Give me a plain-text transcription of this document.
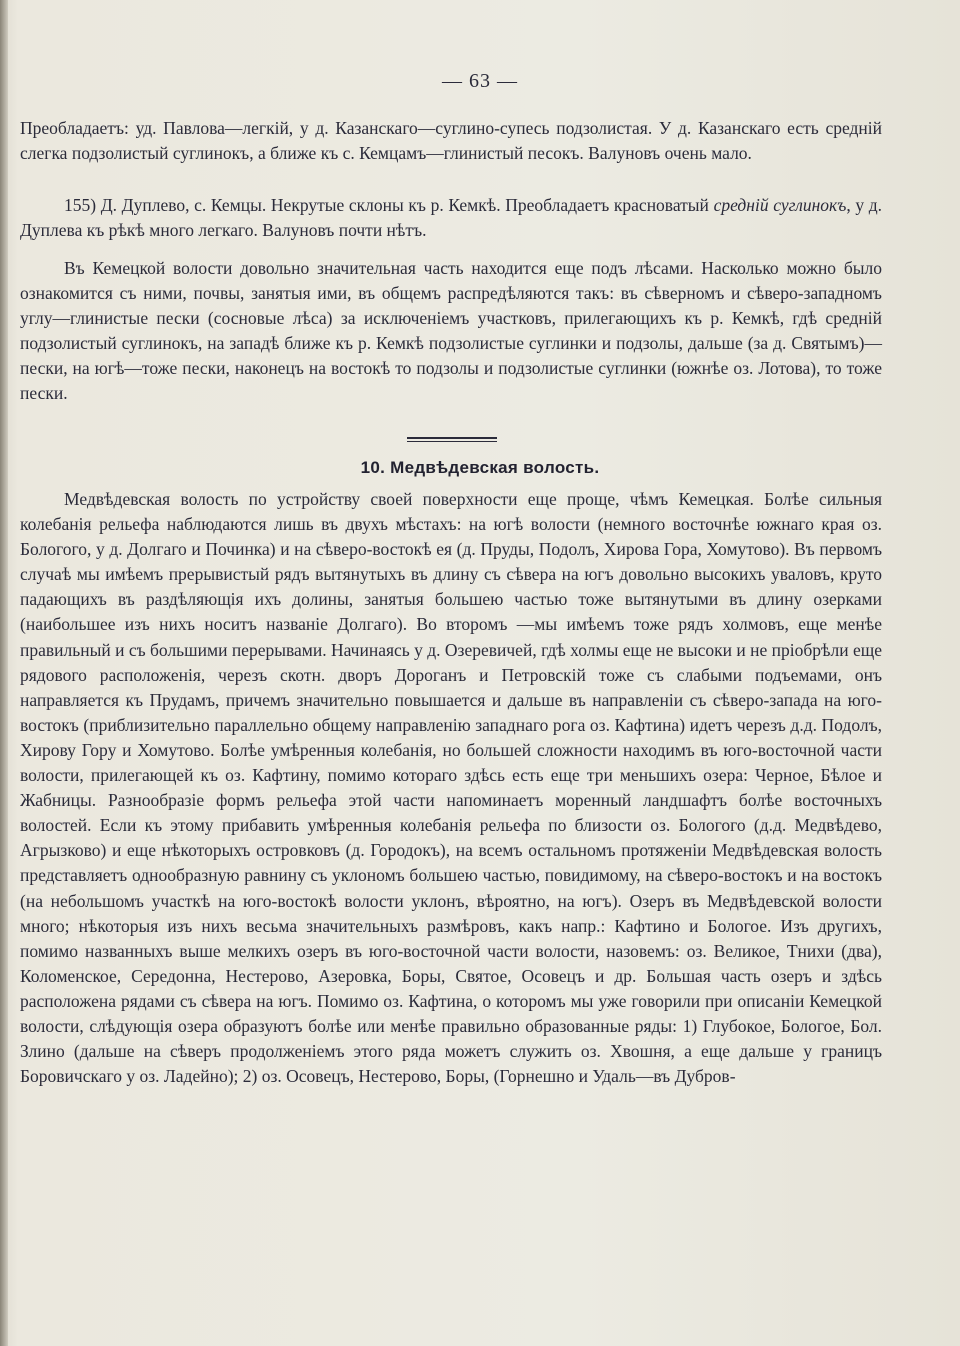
— 63 —

Преобладаетъ: уд. Павлова—легкій, у д. Казанскаго—суглино-супесь подзолистая. У д. Казанскаго есть средній слегка подзолистый суглинокъ, а ближе къ с. Кемцамъ—глинистый песокъ. Валуновъ очень мало.

155) Д. Дуплево, с. Кемцы. Некрутые склоны къ р. Кемкѣ. Преобладаетъ красноватый средній суглинокъ, у д. Дуплева къ рѣкѣ много легкаго. Валуновъ почти нѣтъ.

Въ Кемецкой волости довольно значительная часть находится еще подъ лѣсами. Насколько можно было ознакомится съ ними, почвы, занятыя ими, въ общемъ распредѣляются такъ: въ сѣверномъ и сѣверо-западномъ углу—глинистые пески (сосновые лѣса) за исключеніемъ участковъ, прилегающихъ къ р. Кемкѣ, гдѣ средній подзолистый суглинокъ, на западѣ ближе къ р. Кемкѣ подзолистые суглинки и подзолы, дальше (за д. Святымъ)—пески, на югѣ—тоже пески, наконецъ на востокѣ то подзолы и подзолистые суглинки (южнѣе оз. Лотова), то тоже пески.

10. Медвѣдевская волость.

Медвѣдевская волость по устройству своей поверхности еще проще, чѣмъ Кемецкая. Болѣе сильныя колебанія рельефа наблюдаются лишь въ двухъ мѣстахъ: на югѣ волости (немного восточнѣе южнаго края оз. Бологого, у д. Долгаго и Починка) и на сѣверо-востокѣ ея (д. Пруды, Подолъ, Хирова Гора, Хомутово). Въ первомъ случаѣ мы имѣемъ прерывистый рядъ вытянутыхъ въ длину съ сѣвера на югъ довольно высокихъ уваловъ, круто падающихъ въ раздѣляющія ихъ долины, занятыя большею частью тоже вытянутыми въ длину озерками (наибольшее изъ нихъ носитъ названіе Долгаго). Во второмъ —мы имѣемъ тоже рядъ холмовъ, еще менѣе правильный и съ большими перерывами. Начинаясь у д. Озеревичей, гдѣ холмы еще не высоки и не пріобрѣли еще рядового расположенія, черезъ скотн. дворъ Дороганъ и Петровскій тоже съ слабыми подъемами, онъ направляется къ Прудамъ, причемъ значительно повышается и дальше въ направленіи съ сѣверо-запада на юго-востокъ (приблизительно параллельно общему направленію западнаго рога оз. Кафтина) идетъ черезъ д.д. Подолъ, Хирову Гору и Хомутово. Болѣе умѣренныя колебанія, но большей сложности находимъ въ юго-восточной части волости, прилегающей къ оз. Кафтину, помимо котораго здѣсь есть еще три меньшихъ озера: Черное, Бѣлое и Жабницы. Разнообразіе формъ рельефа этой части напоминаетъ моренный ландшафтъ болѣе восточныхъ волостей. Если къ этому прибавить умѣренныя колебанія рельефа по близости оз. Бологого (д.д. Медвѣдево, Агрызково) и еще нѣкоторыхъ островковъ (д. Городокъ), на всемъ остальномъ протяженіи Медвѣдевская волость представляетъ однообразную равнину съ уклономъ большею частью, повидимому, на сѣверо-востокъ и на востокъ (на небольшомъ участкѣ на юго-востокѣ волости уклонъ, вѣроятно, на югъ). Озеръ въ Медвѣдевской волости много; нѣкоторыя изъ нихъ весьма значительныхъ размѣровъ, какъ напр.: Кафтино и Бологое. Изъ другихъ, помимо названныхъ выше мелкихъ озеръ въ юго-восточной части волости, назовемъ: оз. Великое, Тнихи (два), Коломенское, Середонна, Нестерово, Азеровка, Боры, Святое, Осовецъ и др. Большая часть озеръ и здѣсь расположена рядами съ сѣвера на югъ. Помимо оз. Кафтина, о которомъ мы уже говорили при описаніи Кемецкой волости, слѣдующія озера образуютъ болѣе или менѣе правильно образованные ряды: 1) Глубокое, Бологое, Бол. Злино (дальше на сѣверъ продолженіемъ этого ряда можетъ служить оз. Хвошня, а еще дальше у границъ Боровичскаго у оз. Ладейно); 2) оз. Осовецъ, Нестерово, Боры, (Горнешно и Удаль—въ Дубров-
